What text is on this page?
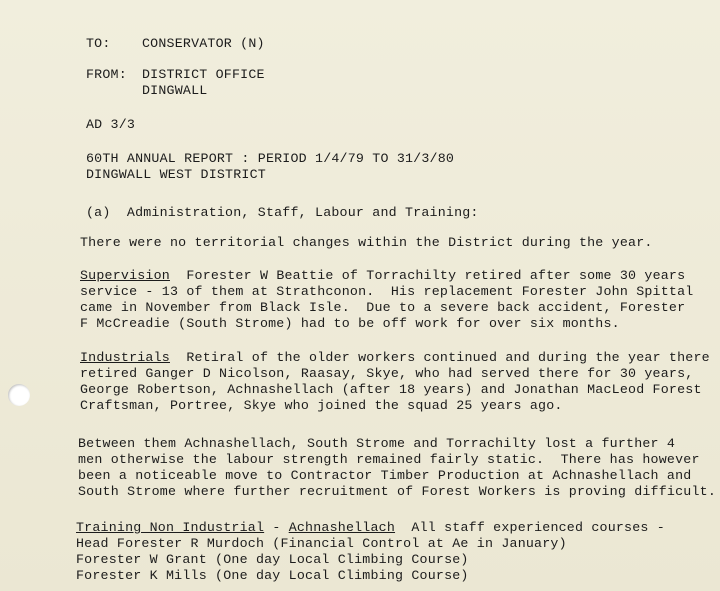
TO: CONSERVATOR (N)
FROM: DISTRICT OFFICE
DINGWALL
AD 3/3
60TH ANNUAL REPORT : PERIOD 1/4/79 TO 31/3/80
DINGWALL WEST DISTRICT
(a)  Administration, Staff, Labour and Training:
There were no territorial changes within the District during the year.
Supervision  Forester W Beattie of Torrachilty retired after some 30 years
service - 13 of them at Strathconon.  His replacement Forester John Spittal
came in November from Black Isle.  Due to a severe back accident, Forester
F McCreadie (South Strome) had to be off work for over six months.
Industrials  Retiral of the older workers continued and during the year there
retired Ganger D Nicolson, Raasay, Skye, who had served there for 30 years,
George Robertson, Achnashellach (after 18 years) and Jonathan MacLeod Forest
Craftsman, Portree, Skye who joined the squad 25 years ago.
Between them Achnashellach, South Strome and Torrachilty lost a further 4
men otherwise the labour strength remained fairly static.  There has however
been a noticeable move to Contractor Timber Production at Achnashellach and
South Strome where further recruitment of Forest Workers is proving difficult.
Training Non Industrial - Achnashellach  All staff experienced courses -
Head Forester R Murdoch (Financial Control at Ae in January)
Forester W Grant (One day Local Climbing Course)
Forester K Mills (One day Local Climbing Course)
